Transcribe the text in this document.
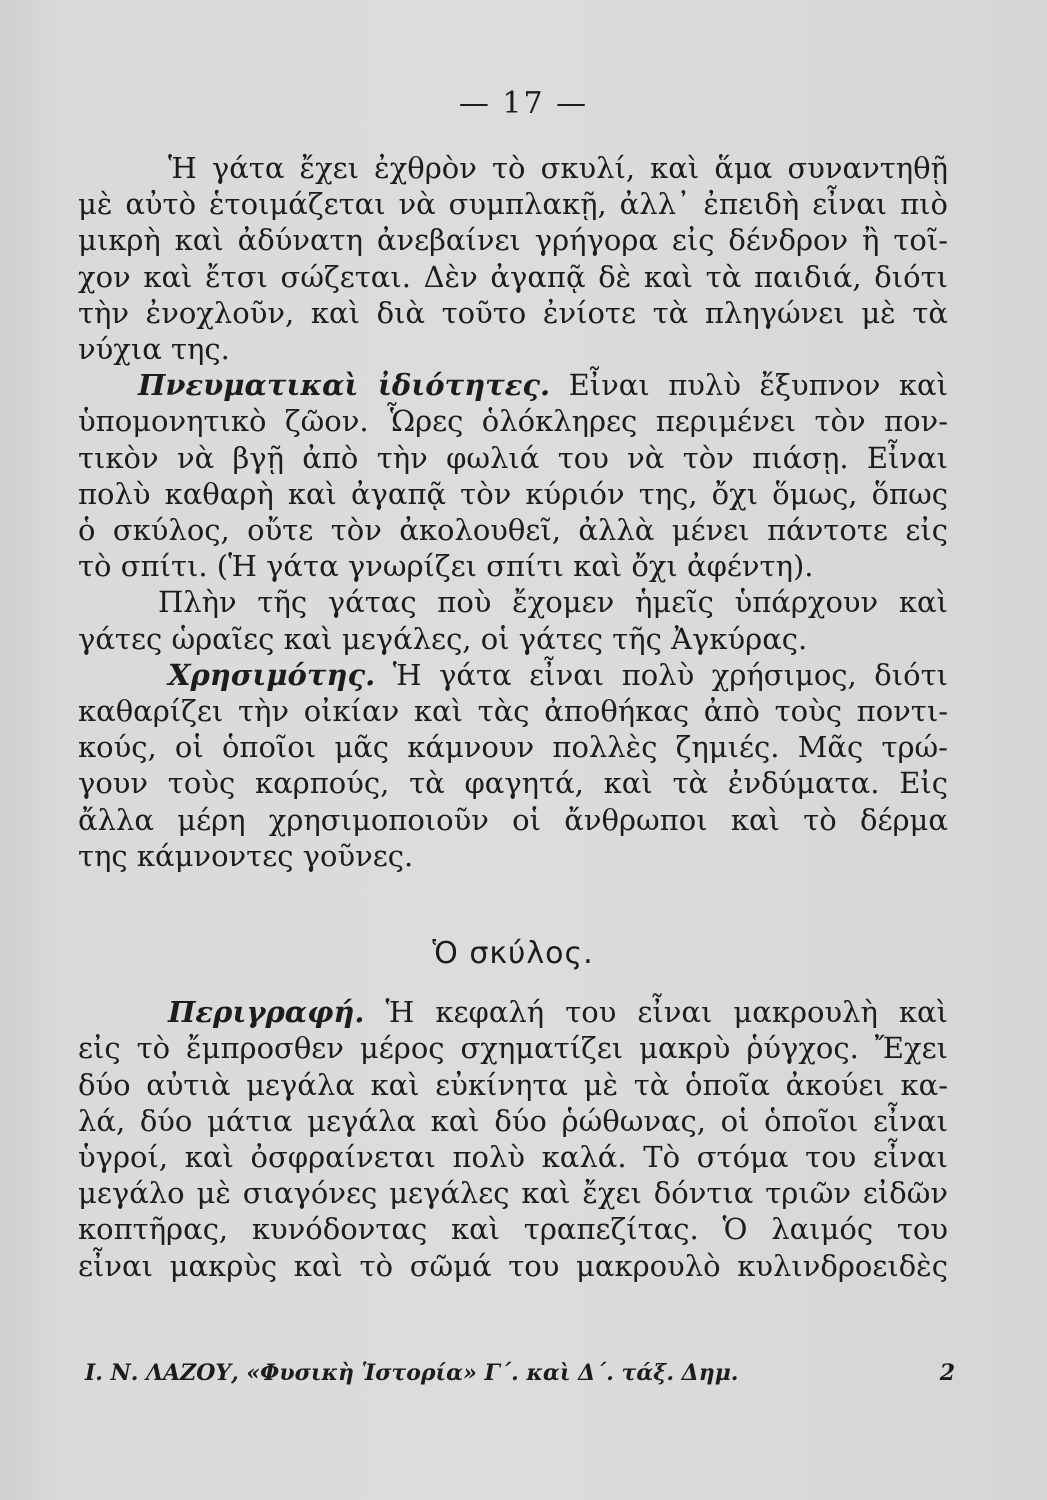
— 17 —

Ἡ γάτα ἔχει ἐχθρὸν τὸ σκυλί, καὶ ἅμα συναντηθῇ
μὲ αὐτὸ ἑτοιμάζεται νὰ συμπλακῇ, ἀλλ᾽ ἐπειδὴ εἶναι πιὸ
μικρὴ καὶ ἀδύνατη ἀνεβαίνει γρήγορα εἰς δένδρον ἢ τοῖ-
χον καὶ ἔτσι σώζεται. Δὲν ἀγαπᾷ δὲ καὶ τὰ παιδιά, διότι
τὴν ἐνοχλοῦν, καὶ διὰ τοῦτο ἐνίοτε τὰ πληγώνει μὲ τὰ
νύχια της.

Πνευματικαὶ ἰδιότητες. Εἶναι πυλὺ ἔξυπνον καὶ
ὑπομονητικὸ ζῶον. Ὧρες ὁλόκληρες περιμένει τὸν πον-
τικὸν νὰ βγῇ ἀπὸ τὴν φωλιά του νὰ τὸν πιάσῃ. Εἶναι
πολὺ καθαρὴ καὶ ἀγαπᾷ τὸν κύριόν της, ὄχι ὅμως, ὅπως
ὁ σκύλος, οὔτε τὸν ἀκολουθεῖ, ἀλλὰ μένει πάντοτε εἰς
τὸ σπίτι. (Ἡ γάτα γνωρίζει σπίτι καὶ ὄχι ἀφέντη).

Πλὴν τῆς γάτας ποὺ ἔχομεν ἡμεῖς ὑπάρχουν καὶ
γάτες ὡραῖες καὶ μεγάλες, οἱ γάτες τῆς Ἀγκύρας.

Χρησιμότης. Ἡ γάτα εἶναι πολὺ χρήσιμος, διότι
καθαρίζει τὴν οἰκίαν καὶ τὰς ἀποθήκας ἀπὸ τοὺς ποντι-
κούς, οἱ ὁποῖοι μᾶς κάμνουν πολλὲς ζημιές. Μᾶς τρώ-
γουν τοὺς καρπούς, τὰ φαγητά, καὶ τὰ ἐνδύματα. Εἰς
ἄλλα μέρη χρησιμοποιοῦν οἱ ἄνθρωποι καὶ τὸ δέρμα
της κάμνοντες γοῦνες.

Ὁ σκύλος.

Περιγραφή. Ἡ κεφαλή του εἶναι μακρουλὴ καὶ
εἰς τὸ ἔμπροσθεν μέρος σχηματίζει μακρὺ ῥύγχος. Ἔχει
δύο αὐτιὰ μεγάλα καὶ εὐκίνητα μὲ τὰ ὁποῖα ἀκούει κα-
λά, δύο μάτια μεγάλα καὶ δύο ῥώθωνας, οἱ ὁποῖοι εἶναι
ὑγροί, καὶ ὀσφραίνεται πολὺ καλά. Τὸ στόμα του εἶναι
μεγάλο μὲ σιαγόνες μεγάλες καὶ ἔχει δόντια τριῶν εἰδῶν
κοπτῆρας, κυνόδοντας καὶ τραπεζίτας. Ὁ λαιμός του
εἶναι μακρὺς καὶ τὸ σῶμά του μακρουλὸ κυλινδροειδὲς

Ι. Ν. ΛΑΖΟΥ, «Φυσικὴ Ἱστορία» Γ΄. καὶ Δ΄. τάξ. Δημ.	2
